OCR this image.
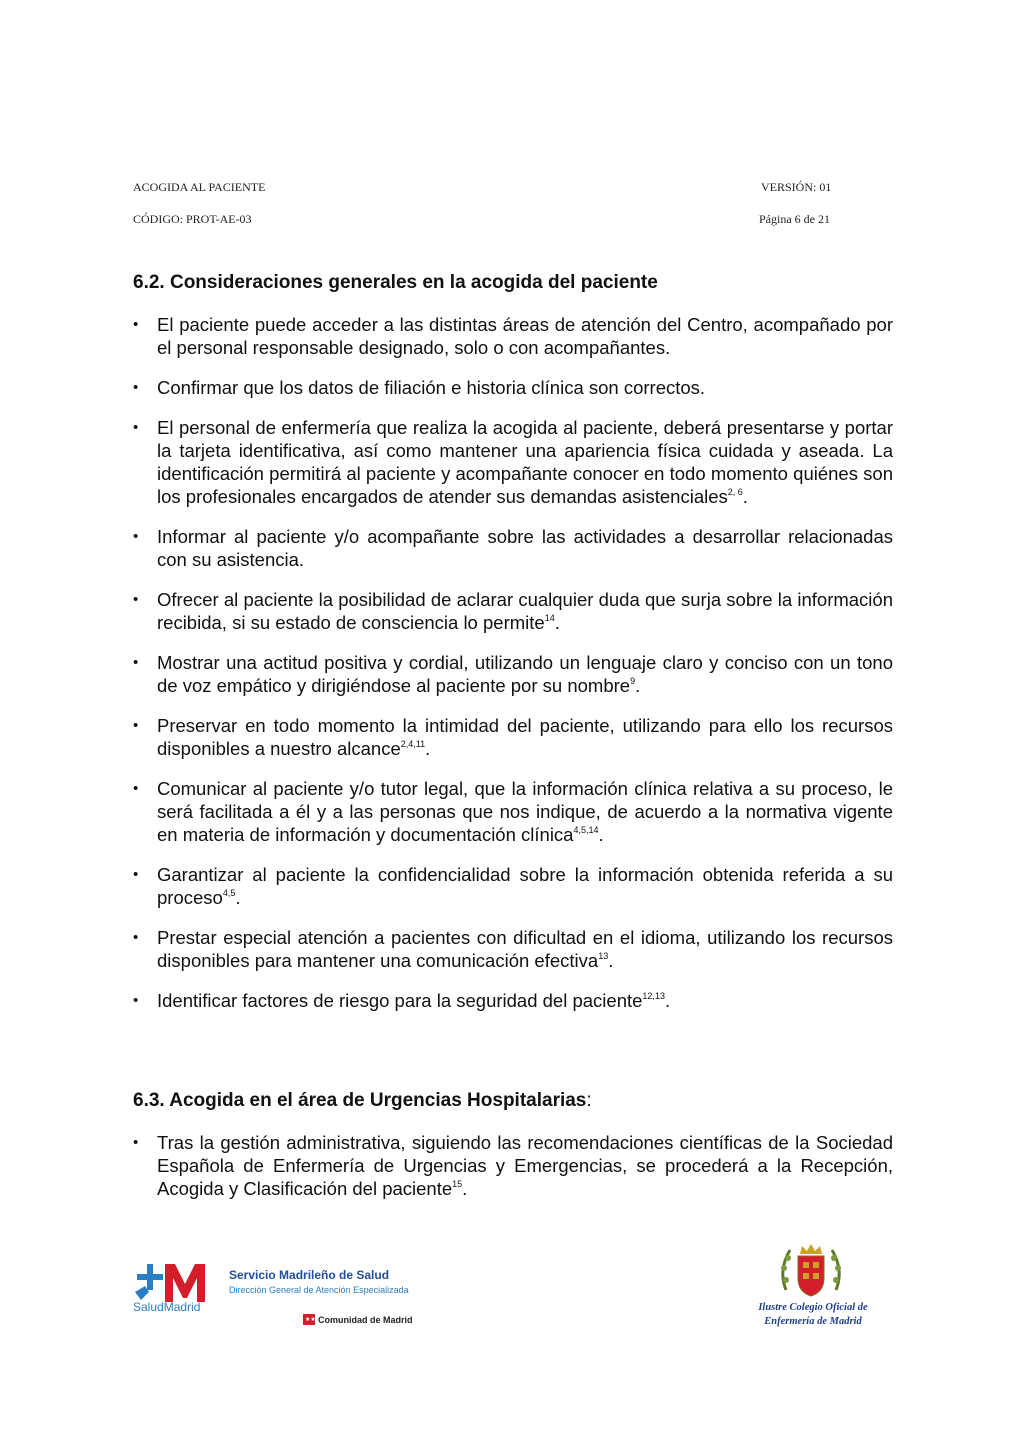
ACOGIDA AL PACIENTE	VERSIÓN: 01
CÓDIGO: PROT-AE-03	Página 6 de 21
6.2. Consideraciones generales en la acogida del paciente
• El paciente puede acceder a las distintas áreas de atención del Centro, acompañado por el personal responsable designado, solo o con acompañantes.
• Confirmar que los datos de filiación e historia clínica son correctos.
• El personal de enfermería que realiza la acogida al paciente, deberá presentarse y portar la tarjeta identificativa, así como mantener una apariencia física cuidada y aseada. La identificación permitirá al paciente y acompañante conocer en todo momento quiénes son los profesionales encargados de atender sus demandas asistenciales$^{2, 6}$.
• Informar al paciente y/o acompañante sobre las actividades a desarrollar relacionadas con su asistencia.
• Ofrecer al paciente la posibilidad de aclarar cualquier duda que surja sobre la información recibida, si su estado de consciencia lo permite$^{14}$.
• Mostrar una actitud positiva y cordial, utilizando un lenguaje claro y conciso con un tono de voz empático y dirigiéndose al paciente por su nombre$^9$.
• Preservar en todo momento la intimidad del paciente, utilizando para ello los recursos disponibles a nuestro alcance$^{2,4,11}$.
• Comunicar al paciente y/o tutor legal, que la información clínica relativa a su proceso, le será facilitada a él y a las personas que nos indique, de acuerdo a la normativa vigente en materia de información y documentación clínica$^{4,5,14}$.
• Garantizar al paciente la confidencialidad sobre la información obtenida referida a su proceso$^{4,5}$.
• Prestar especial atención a pacientes con dificultad en el idioma, utilizando los recursos disponibles para mantener una comunicación efectiva$^{13}$.
• Identificar factores de riesgo para la seguridad del paciente$^{12,13}$.
6.3. Acogida en el área de Urgencias Hospitalarias:
• Tras la gestión administrativa, siguiendo las recomendaciones científicas de la Sociedad Española de Enfermería de Urgencias y Emergencias, se procederá a la Recepción, Acogida y Clasificación del paciente$^{15}$.
SaludMadrid
Servicio Madrileño de Salud
Dirección General de Atención Especializada
★★ Comunidad de Madrid
Ilustre Colegio Oficial de
Enfermería de Madrid
